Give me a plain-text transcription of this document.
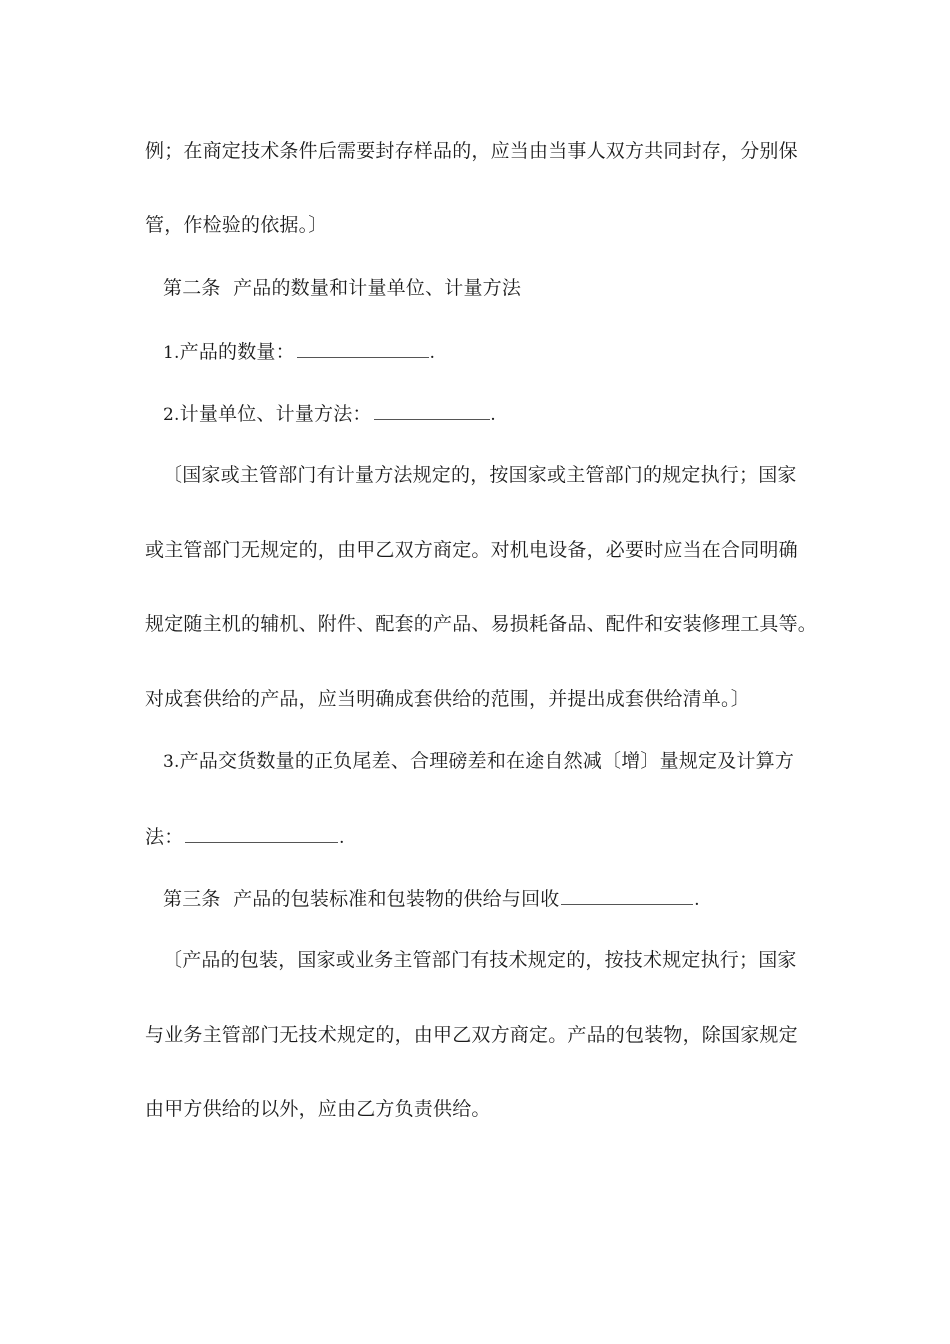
例；在商定技术条件后需要封存样品的，应当由当事人双方共同封存，分别保
管，作检验的依据。〕
第二条  产品的数量和计量单位、计量方法
1.产品的数量：	.
2.计量单位、计量方法：	.
〔国家或主管部门有计量方法规定的，按国家或主管部门的规定执行；国家
或主管部门无规定的，由甲乙双方商定。对机电设备，必要时应当在合同明确
规定随主机的辅机、附件、配套的产品、易损耗备品、配件和安装修理工具等。
对成套供给的产品，应当明确成套供给的范围，并提出成套供给清单。〕
3.产品交货数量的正负尾差、合理磅差和在途自然减〔增〕量规定及计算方
法：	.
第三条  产品的包装标准和包装物的供给与回收	.
〔产品的包装，国家或业务主管部门有技术规定的，按技术规定执行；国家
与业务主管部门无技术规定的，由甲乙双方商定。产品的包装物，除国家规定
由甲方供给的以外，应由乙方负责供给。
